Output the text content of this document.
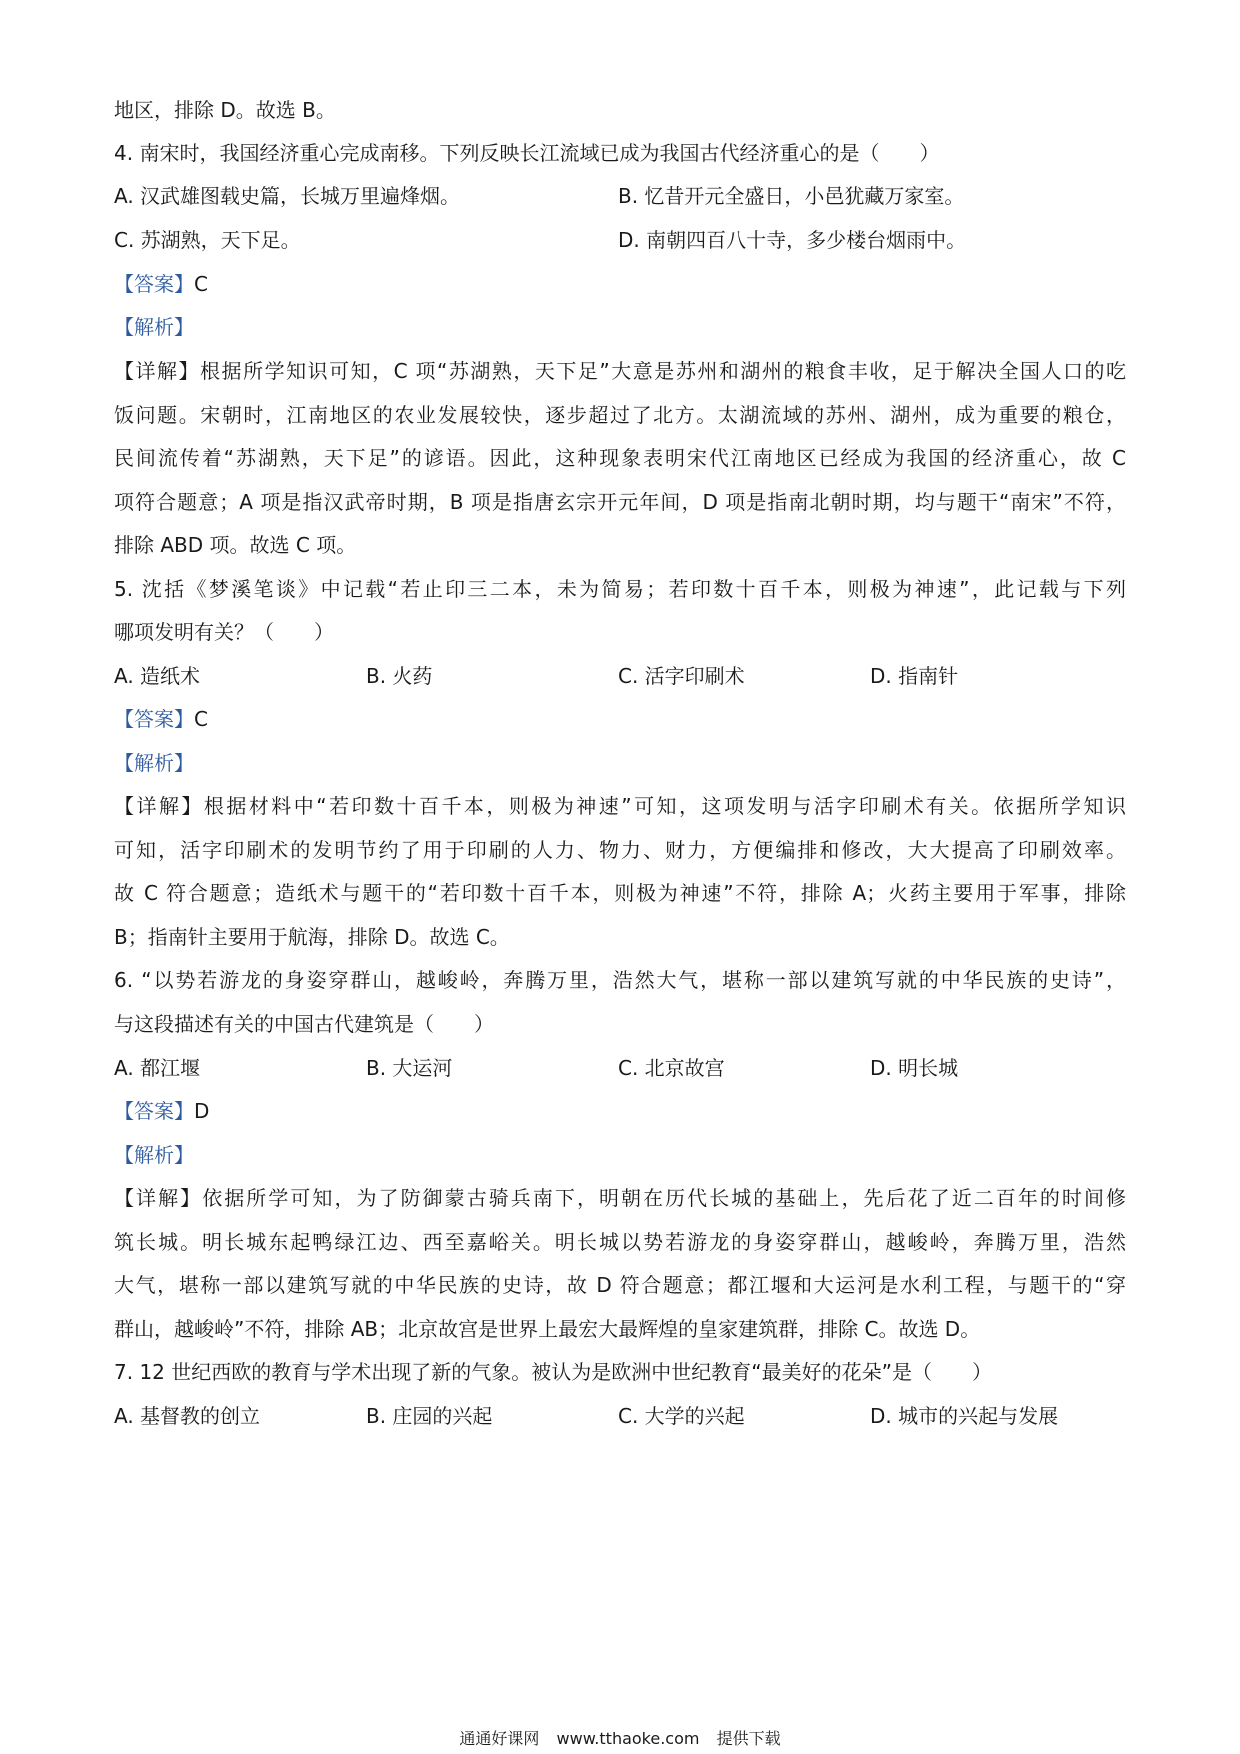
地区，排除 D。故选 B。
4. 南宋时，我国经济重心完成南移。下列反映长江流域已成为我国古代经济重心的是（　　）
A. 汉武雄图载史篇，长城万里遍烽烟。	B. 忆昔开元全盛日，小邑犹藏万家室。
C. 苏湖熟，天下足。	D. 南朝四百八十寺，多少楼台烟雨中。
【答案】C
【解析】
【详解】根据所学知识可知，C 项“苏湖熟，天下足”大意是苏州和湖州的粮食丰收，足于解决全国人口的吃
饭问题。宋朝时，江南地区的农业发展较快，逐步超过了北方。太湖流域的苏州、湖州，成为重要的粮仓，
民间流传着“苏湖熟，天下足”的谚语。因此，这种现象表明宋代江南地区已经成为我国的经济重心，故 C
项符合题意；A 项是指汉武帝时期，B 项是指唐玄宗开元年间，D 项是指南北朝时期，均与题干“南宋”不符，
排除 ABD 项。故选 C 项。
5. 沈括《梦溪笔谈》中记载“若止印三二本，未为简易；若印数十百千本，则极为神速”，此记载与下列
哪项发明有关？（　　）
A. 造纸术	B. 火药	C. 活字印刷术	D. 指南针
【答案】C
【解析】
【详解】根据材料中“若印数十百千本，则极为神速”可知，这项发明与活字印刷术有关。依据所学知识
可知，活字印刷术的发明节约了用于印刷的人力、物力、财力，方便编排和修改，大大提高了印刷效率。
故 C 符合题意；造纸术与题干的“若印数十百千本，则极为神速”不符，排除 A；火药主要用于军事，排除
B；指南针主要用于航海，排除 D。故选 C。
6. “以势若游龙的身姿穿群山，越峻岭，奔腾万里，浩然大气，堪称一部以建筑写就的中华民族的史诗”，
与这段描述有关的中国古代建筑是（　　）
A. 都江堰	B. 大运河	C. 北京故宫	D. 明长城
【答案】D
【解析】
【详解】依据所学可知，为了防御蒙古骑兵南下，明朝在历代长城的基础上，先后花了近二百年的时间修
筑长城。明长城东起鸭绿江边、西至嘉峪关。明长城以势若游龙的身姿穿群山，越峻岭，奔腾万里，浩然
大气，堪称一部以建筑写就的中华民族的史诗，故 D 符合题意；都江堰和大运河是水利工程，与题干的“穿
群山，越峻岭”不符，排除 AB；北京故宫是世界上最宏大最辉煌的皇家建筑群，排除 C。故选 D。
7. 12 世纪西欧的教育与学术出现了新的气象。被认为是欧洲中世纪教育“最美好的花朵”是（　　）
A. 基督教的创立	B. 庄园的兴起	C. 大学的兴起	D. 城市的兴起与发展
通通好课网 www.tthaoke.com 提供下载
